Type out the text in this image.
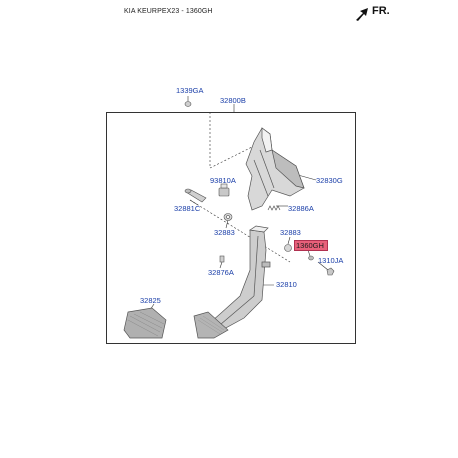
KIA KEURPEX23 - 1360GH	FR.
1339GA
32800B
32830G
93810A
32881C	32886A
32883	32883
1360GH
1310JA
32876A
32810
32825
